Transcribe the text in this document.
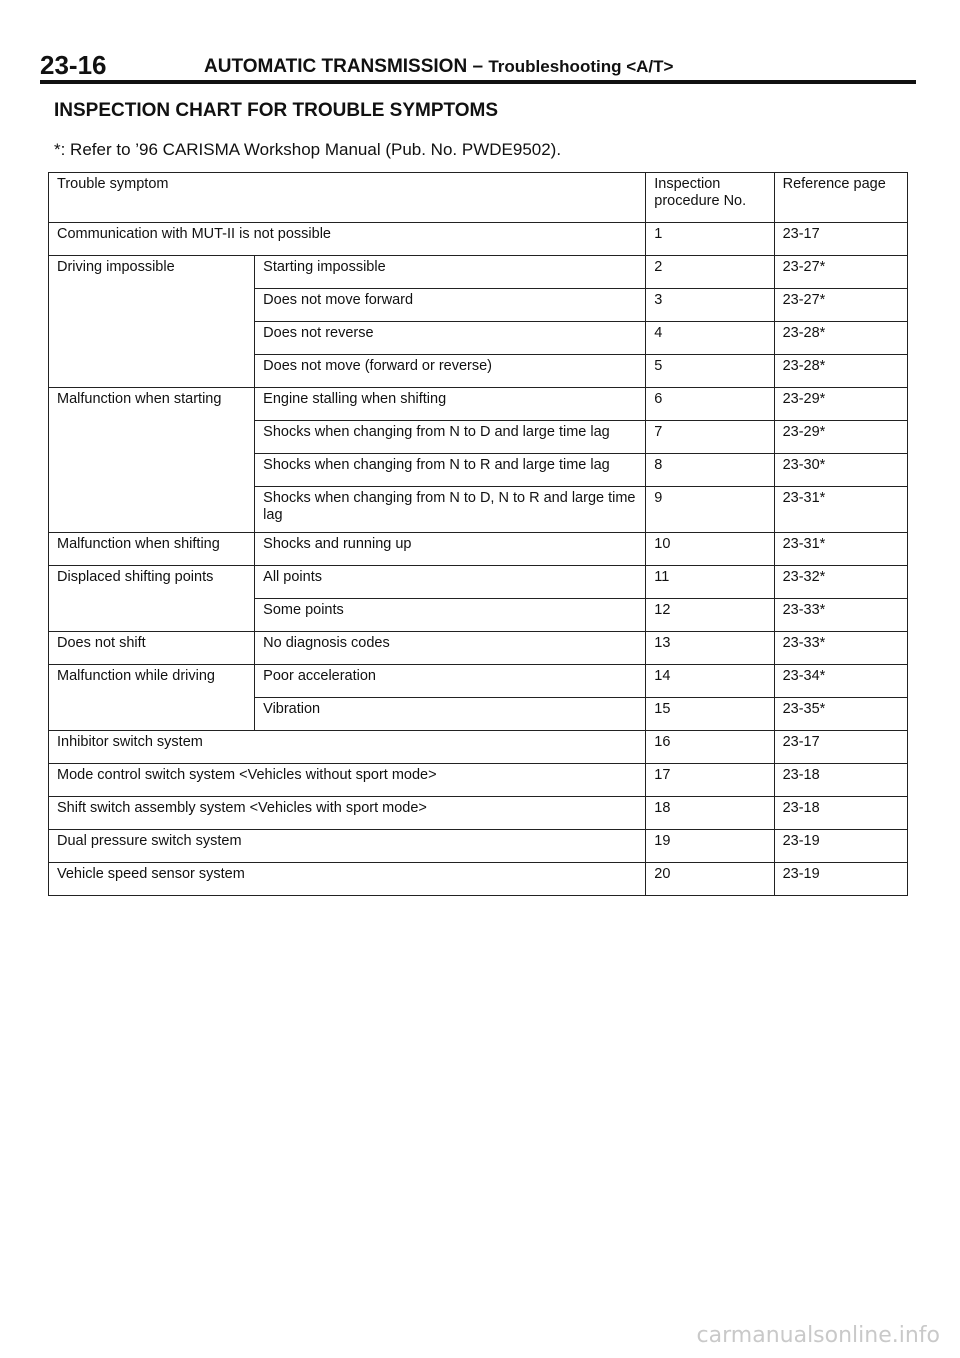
23-16	AUTOMATIC TRANSMISSION – Troubleshooting <A/T>
INSPECTION CHART FOR TROUBLE SYMPTOMS
*: Refer to ’96 CARISMA Workshop Manual (Pub. No. PWDE9502).
Trouble symptom		Inspection procedure No.	Reference page
Communication with MUT-II is not possible		1	23-17
Driving impossible	Starting impossible	2	23-27*
	Does not move forward	3	23-27*
	Does not reverse	4	23-28*
	Does not move (forward or reverse)	5	23-28*
Malfunction when starting	Engine stalling when shifting	6	23-29*
	Shocks when changing from N to D and large time lag	7	23-29*
	Shocks when changing from N to R and large time lag	8	23-30*
	Shocks when changing from N to D, N to R and large time lag	9	23-31*
Malfunction when shifting	Shocks and running up	10	23-31*
Displaced shifting points	All points	11	23-32*
	Some points	12	23-33*
Does not shift	No diagnosis codes	13	23-33*
Malfunction while driving	Poor acceleration	14	23-34*
	Vibration	15	23-35*
Inhibitor switch system		16	23-17
Mode control switch system <Vehicles without sport mode>		17	23-18
Shift switch assembly system <Vehicles with sport mode>		18	23-18
Dual pressure switch system		19	23-19
Vehicle speed sensor system		20	23-19
carmanualsonline.info
